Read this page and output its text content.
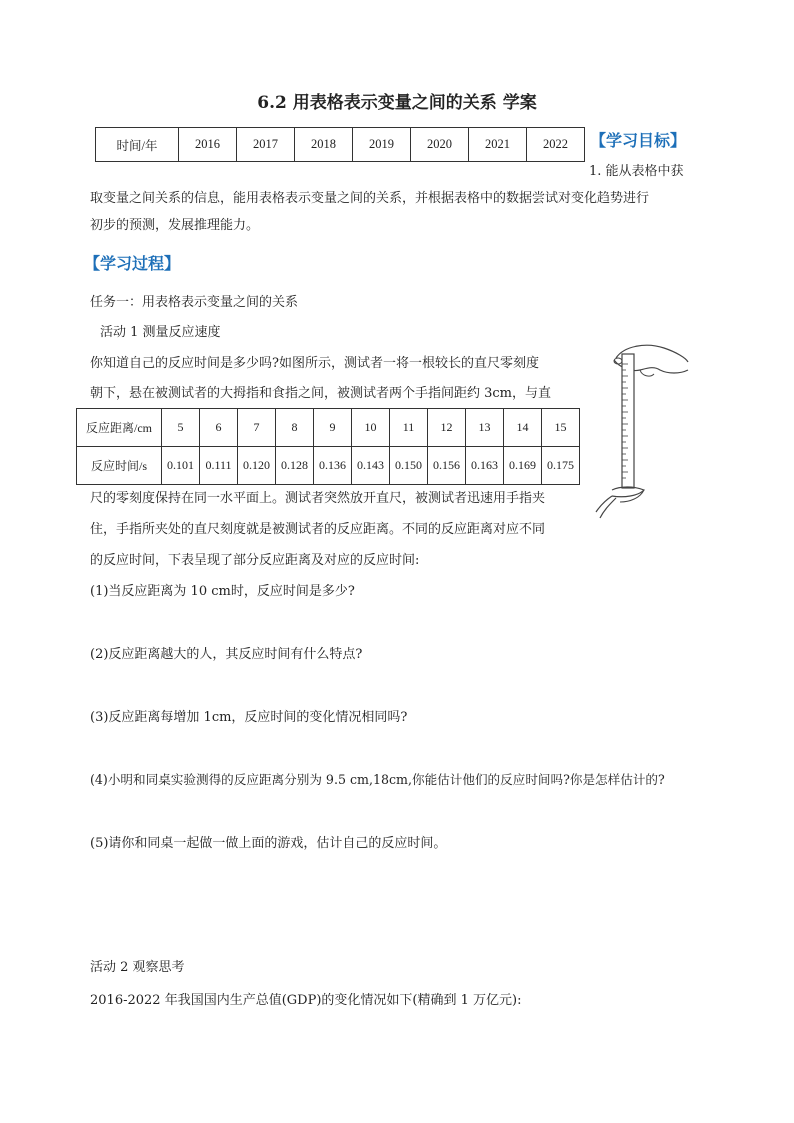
6.2 用表格表示变量之间的关系 学案
时间/年	2016	2017	2018	2019	2020	2021	2022 【学习目标】
1. 能从表格中获
取变量之间关系的信息，能用表格表示变量之间的关系，并根据表格中的数据尝试对变化趋势进行
初步的预测，发展推理能力。
【学习过程】
任务一：用表格表示变量之间的关系
活动 1 测量反应速度
你知道自己的反应时间是多少吗?如图所示，测试者一将一根较长的直尺零刻度
朝下，悬在被测试者的大拇指和食指之间，被测试者两个手指间距约 3cm，与直
反应距离/cm	5	6	7	8	9	10	11	12	13	14	15
反应时间/s	0.101	0.111	0.120	0.128	0.136	0.143	0.150	0.156	0.163	0.169	0.175
尺的零刻度保持在同一水平面上。测试者突然放开直尺，被测试者迅速用手指夹
住，手指所夹处的直尺刻度就是被测试者的反应距离。不同的反应距离对应不同
的反应时间，下表呈现了部分反应距离及对应的反应时间:
(1)当反应距离为 10 cm时，反应时间是多少?
(2)反应距离越大的人，其反应时间有什么特点?
(3)反应距离每增加 1cm，反应时间的变化情况相同吗?
(4)小明和同桌实验测得的反应距离分别为 9.5 cm,18cm,你能估计他们的反应时间吗?你是怎样估计的?
(5)请你和同桌一起做一做上面的游戏，估计自己的反应时间。
活动 2 观察思考
2016-2022 年我国国内生产总值(GDP)的变化情况如下(精确到 1 万亿元):
